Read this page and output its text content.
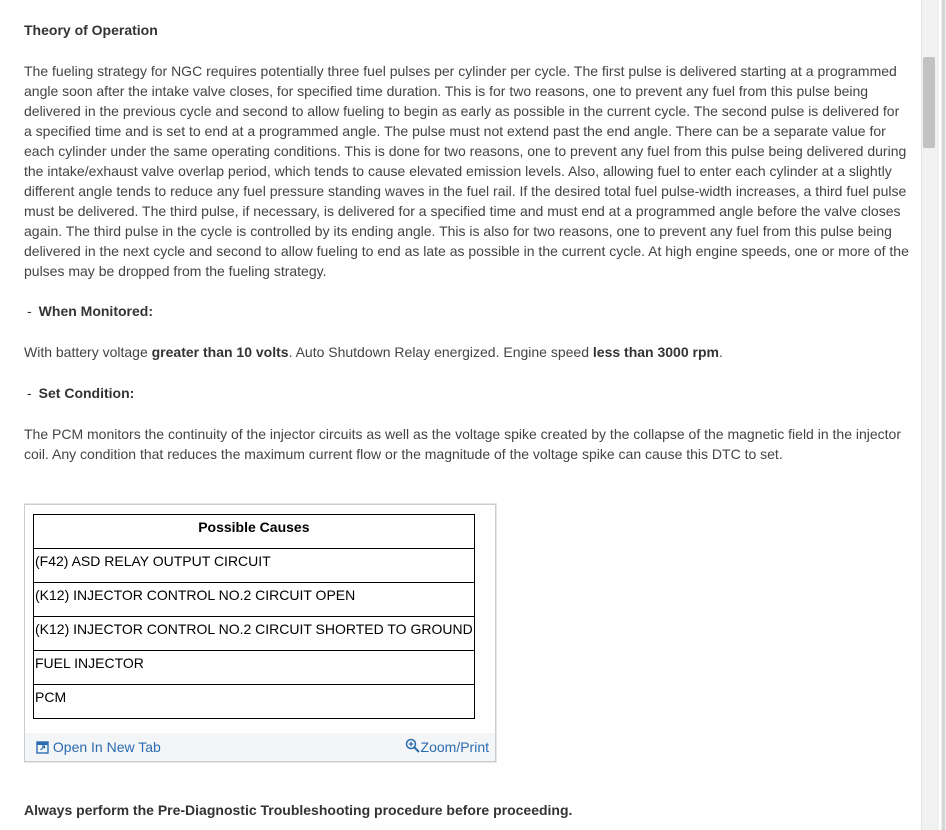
Theory of Operation

The fueling strategy for NGC requires potentially three fuel pulses per cylinder per cycle. The first pulse is delivered starting at a programmed angle soon after the intake valve closes, for specified time duration. This is for two reasons, one to prevent any fuel from this pulse being delivered in the previous cycle and second to allow fueling to begin as early as possible in the current cycle. The second pulse is delivered for a specified time and is set to end at a programmed angle. The pulse must not extend past the end angle. There can be a separate value for each cylinder under the same operating conditions. This is done for two reasons, one to prevent any fuel from this pulse being delivered during the intake/exhaust valve overlap period, which tends to cause elevated emission levels. Also, allowing fuel to enter each cylinder at a slightly different angle tends to reduce any fuel pressure standing waves in the fuel rail. If the desired total fuel pulse-width increases, a third fuel pulse must be delivered. The third pulse, if necessary, is delivered for a specified time and must end at a programmed angle before the valve closes again. The third pulse in the cycle is controlled by its ending angle. This is also for two reasons, one to prevent any fuel from this pulse being delivered in the next cycle and second to allow fueling to end as late as possible in the current cycle. At high engine speeds, one or more of the pulses may be dropped from the fueling strategy.

- When Monitored:

With battery voltage greater than 10 volts. Auto Shutdown Relay energized. Engine speed less than 3000 rpm.

- Set Condition:

The PCM monitors the continuity of the injector circuits as well as the voltage spike created by the collapse of the magnetic field in the injector coil. Any condition that reduces the maximum current flow or the magnitude of the voltage spike can cause this DTC to set.

Possible Causes
(F42) ASD RELAY OUTPUT CIRCUIT
(K12) INJECTOR CONTROL NO.2 CIRCUIT OPEN
(K12) INJECTOR CONTROL NO.2 CIRCUIT SHORTED TO GROUND
FUEL INJECTOR
PCM
Open In New Tab	Zoom/Print
Always perform the Pre-Diagnostic Troubleshooting procedure before proceeding.
